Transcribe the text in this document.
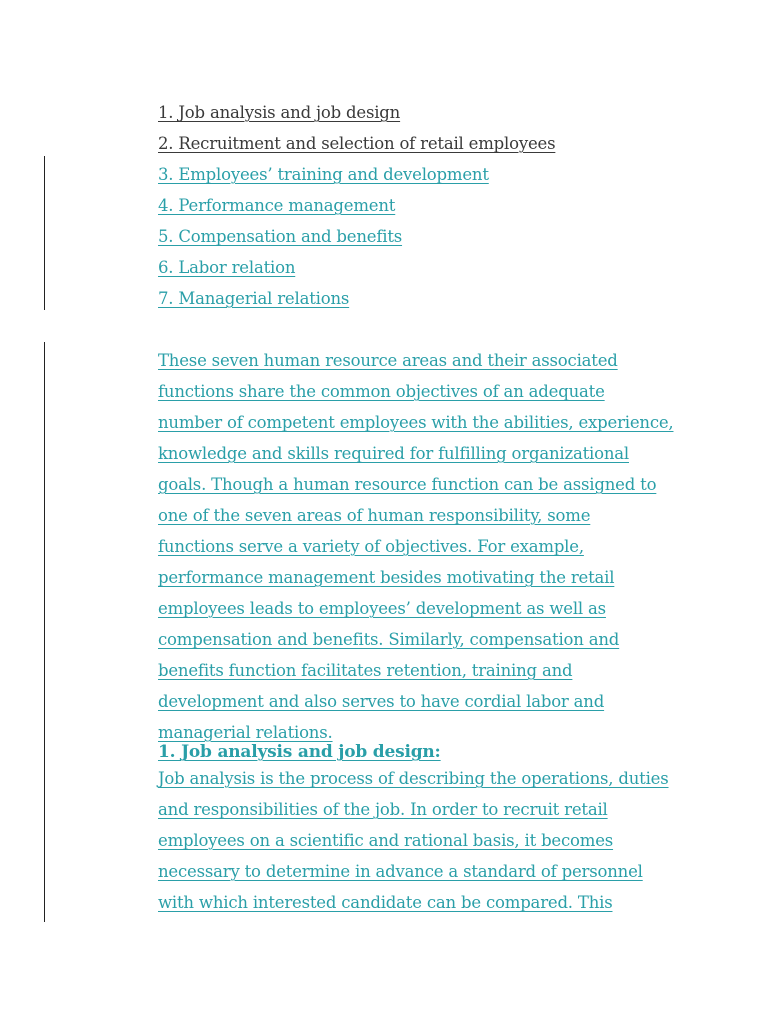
1. Job analysis and job design
2. Recruitment and selection of retail employees
3. Employees’ training and development
4. Performance management
5. Compensation and benefits
6. Labor relation
7. Managerial relations
These seven human resource areas and their associated
functions share the common objectives of an adequate
number of competent employees with the abilities, experience,
knowledge and skills required for fulfilling organizational
goals. Though a human resource function can be assigned to
one of the seven areas of human responsibility, some
functions serve a variety of objectives. For example,
performance management besides motivating the retail
employees leads to employees’ development as well as
compensation and benefits. Similarly, compensation and
benefits function facilitates retention, training and
development and also serves to have cordial labor and
managerial relations.
1. Job analysis and job design:
Job analysis is the process of describing the operations, duties
and responsibilities of the job. In order to recruit retail
employees on a scientific and rational basis, it becomes
necessary to determine in advance a standard of personnel
with which interested candidate can be compared. This
